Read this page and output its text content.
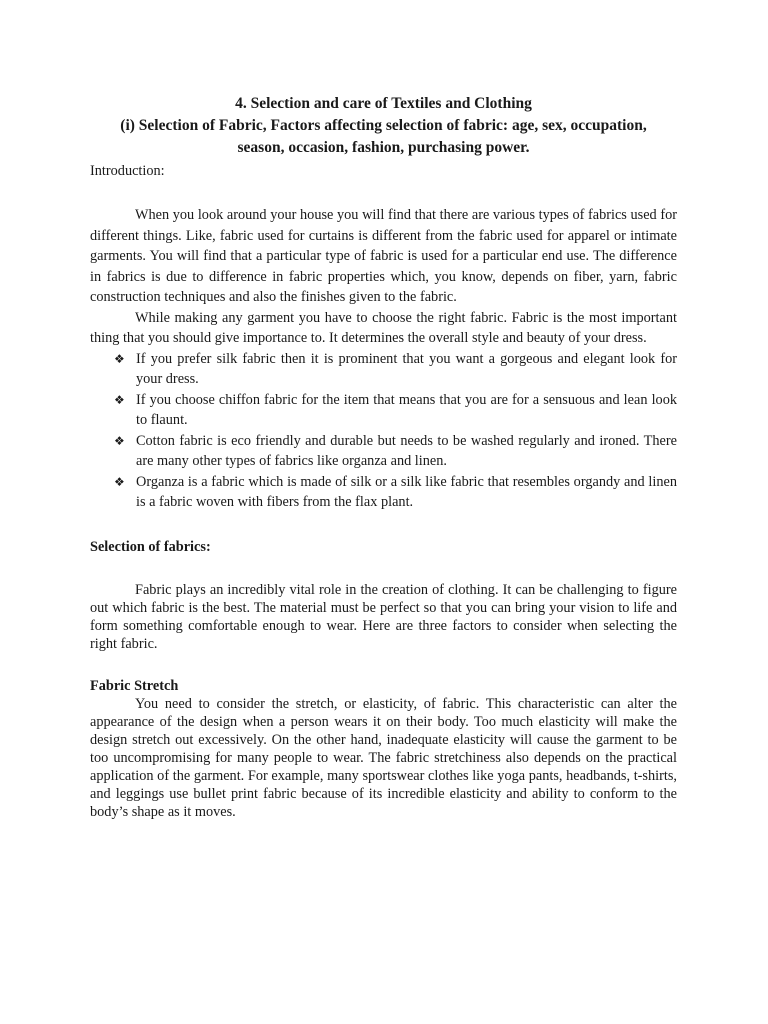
4. Selection and care of Textiles and Clothing
(i) Selection of Fabric, Factors affecting selection of fabric: age, sex, occupation,
season, occasion, fashion, purchasing power.
Introduction:

When you look around your house you will find that there are various types of fabrics used for different things. Like, fabric used for curtains is different from the fabric used for apparel or intimate garments. You will find that a particular type of fabric is used for a particular end use. The difference in fabrics is due to difference in fabric properties which, you know, depends on fiber, yarn, fabric construction techniques and also the finishes given to the fabric.

While making any garment you have to choose the right fabric. Fabric is the most important thing that you should give importance to. It determines the overall style and beauty of your dress.

❖ If you prefer silk fabric then it is prominent that you want a gorgeous and elegant look for your dress.
❖ If you choose chiffon fabric for the item that means that you are for a sensuous and lean look to flaunt.
❖ Cotton fabric is eco friendly and durable but needs to be washed regularly and ironed. There are many other types of fabrics like organza and linen.
❖ Organza is a fabric which is made of silk or a silk like fabric that resembles organdy and linen is a fabric woven with fibers from the flax plant.
Selection of fabrics:

Fabric plays an incredibly vital role in the creation of clothing. It can be challenging to figure out which fabric is the best. The material must be perfect so that you can bring your vision to life and form something comfortable enough to wear. Here are three factors to consider when selecting the right fabric.

Fabric Stretch

You need to consider the stretch, or elasticity, of fabric. This characteristic can alter the appearance of the design when a person wears it on their body. Too much elasticity will make the design stretch out excessively. On the other hand, inadequate elasticity will cause the garment to be too uncompromising for many people to wear. The fabric stretchiness also depends on the practical application of the garment. For example, many sportswear clothes like yoga pants, headbands, t-shirts, and leggings use bullet print fabric because of its incredible elasticity and ability to conform to the body’s shape as it moves.
